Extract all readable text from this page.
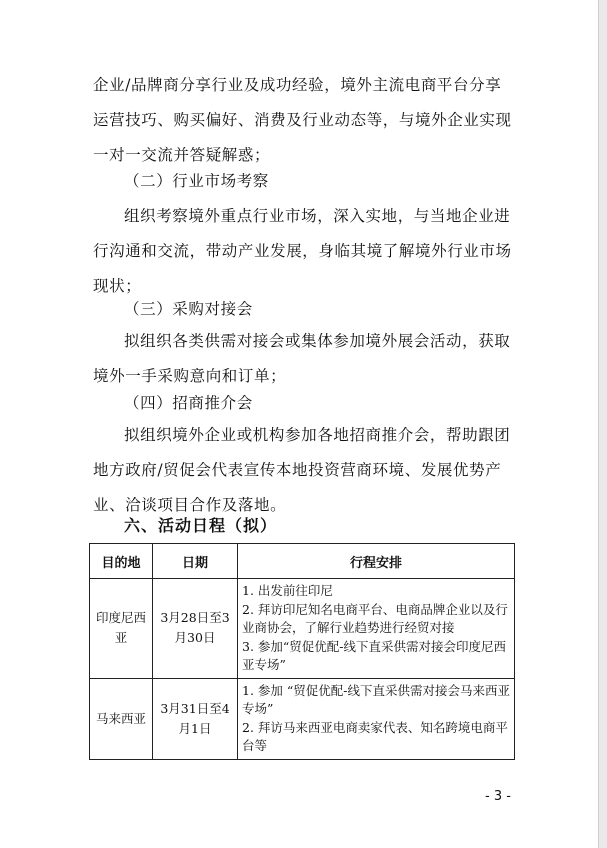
企业/品牌商分享行业及成功经验，境外主流电商平台分享运营技巧、购买偏好、消费及行业动态等，与境外企业实现一对一交流并答疑解惑；

（二）行业市场考察

组织考察境外重点行业市场，深入实地，与当地企业进行沟通和交流，带动产业发展，身临其境了解境外行业市场现状；

（三）采购对接会

拟组织各类供需对接会或集体参加境外展会活动，获取境外一手采购意向和订单；

（四）招商推介会

拟组织境外企业或机构参加各地招商推介会，帮助跟团地方政府/贸促会代表宣传本地投资营商环境、发展优势产业、洽谈项目合作及落地。

六、活动日程（拟）

目的地	日期	行程安排
印度尼西亚	3月28日至3月30日	1. 出发前往印尼
2. 拜访印尼知名电商平台、电商品牌企业以及行业商协会，了解行业趋势进行经贸对接
3. 参加“贸促优配-线下直采供需对接会印度尼西亚专场”

马来西亚	3月31日至4月1日	1. 参加 “贸促优配-线下直采供需对接会马来西亚专场”
2. 拜访马来西亚电商卖家代表、知名跨境电商平台等
- 3 -
